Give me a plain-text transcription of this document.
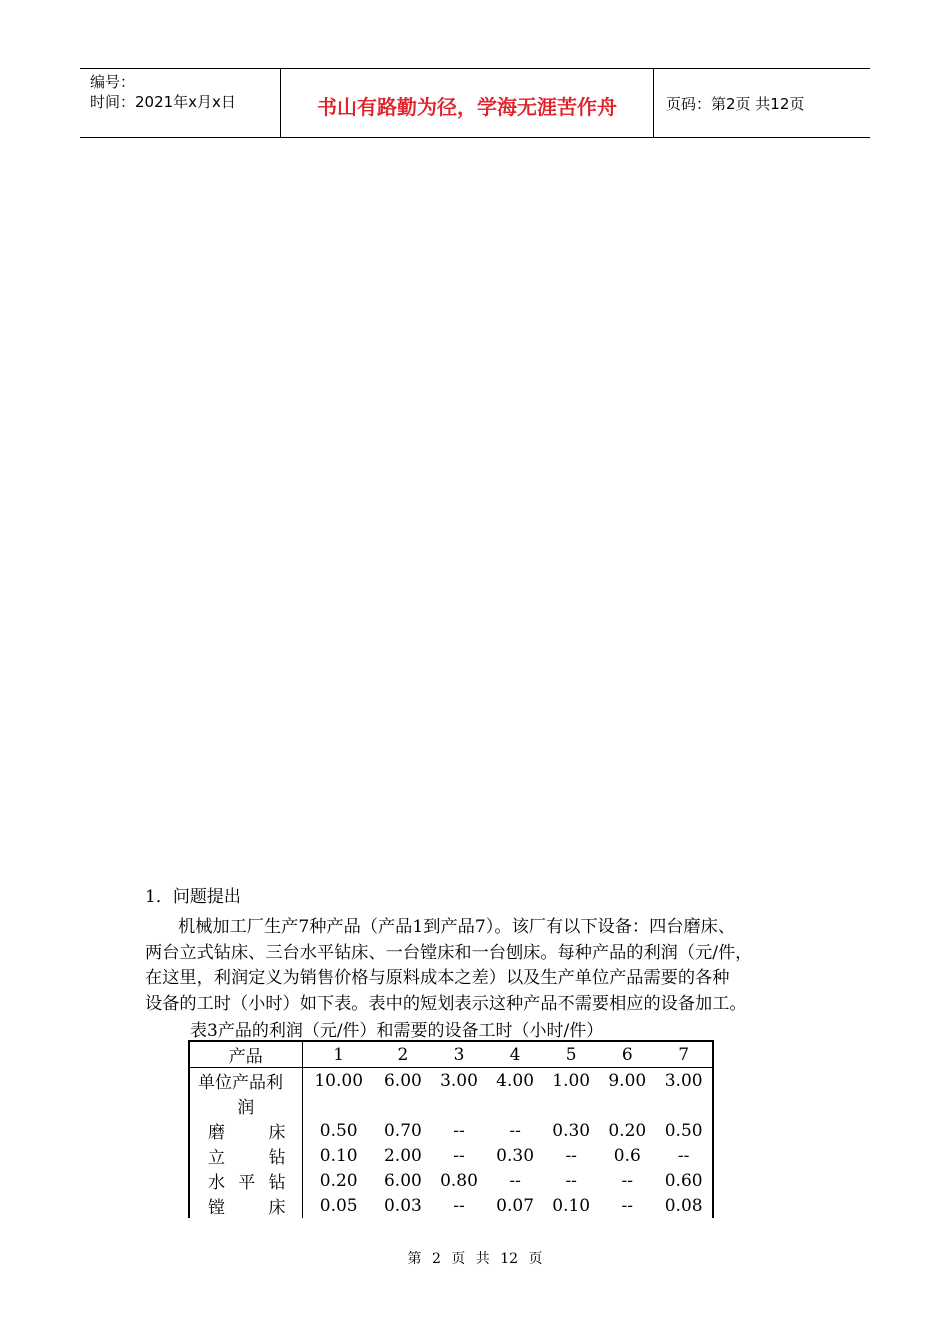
编号：
时间：2021年x月x日	书山有路勤为径，学海无涯苦作舟	页码：第2页 共12页
1．问题提出
机械加工厂生产7种产品（产品1到产品7）。该厂有以下设备：四台磨床、
两台立式钻床、三台水平钻床、一台镗床和一台刨床。每种产品的利润（元/件，
在这里，利润定义为销售价格与原料成本之差）以及生产单位产品需要的各种
设备的工时（小时）如下表。表中的短划表示这种产品不需要相应的设备加工。
表3产品的利润（元/件）和需要的设备工时（小时/件）
产品	1	2	3	4	5	6	7

单位产品利	10.00	6.00	3.00	4.00	1.00	9.00	3.00

润							

磨 床	0.50	0.70	--	--	0.30	0.20	0.50

立 钻	0.10	2.00	--	0.30	--	0.6	--

水 平 钻	0.20	6.00	0.80	--	--	--	0.60

镗 床	0.05	0.03	--	0.07	0.10	--	0.08
第 2 页 共 12 页
